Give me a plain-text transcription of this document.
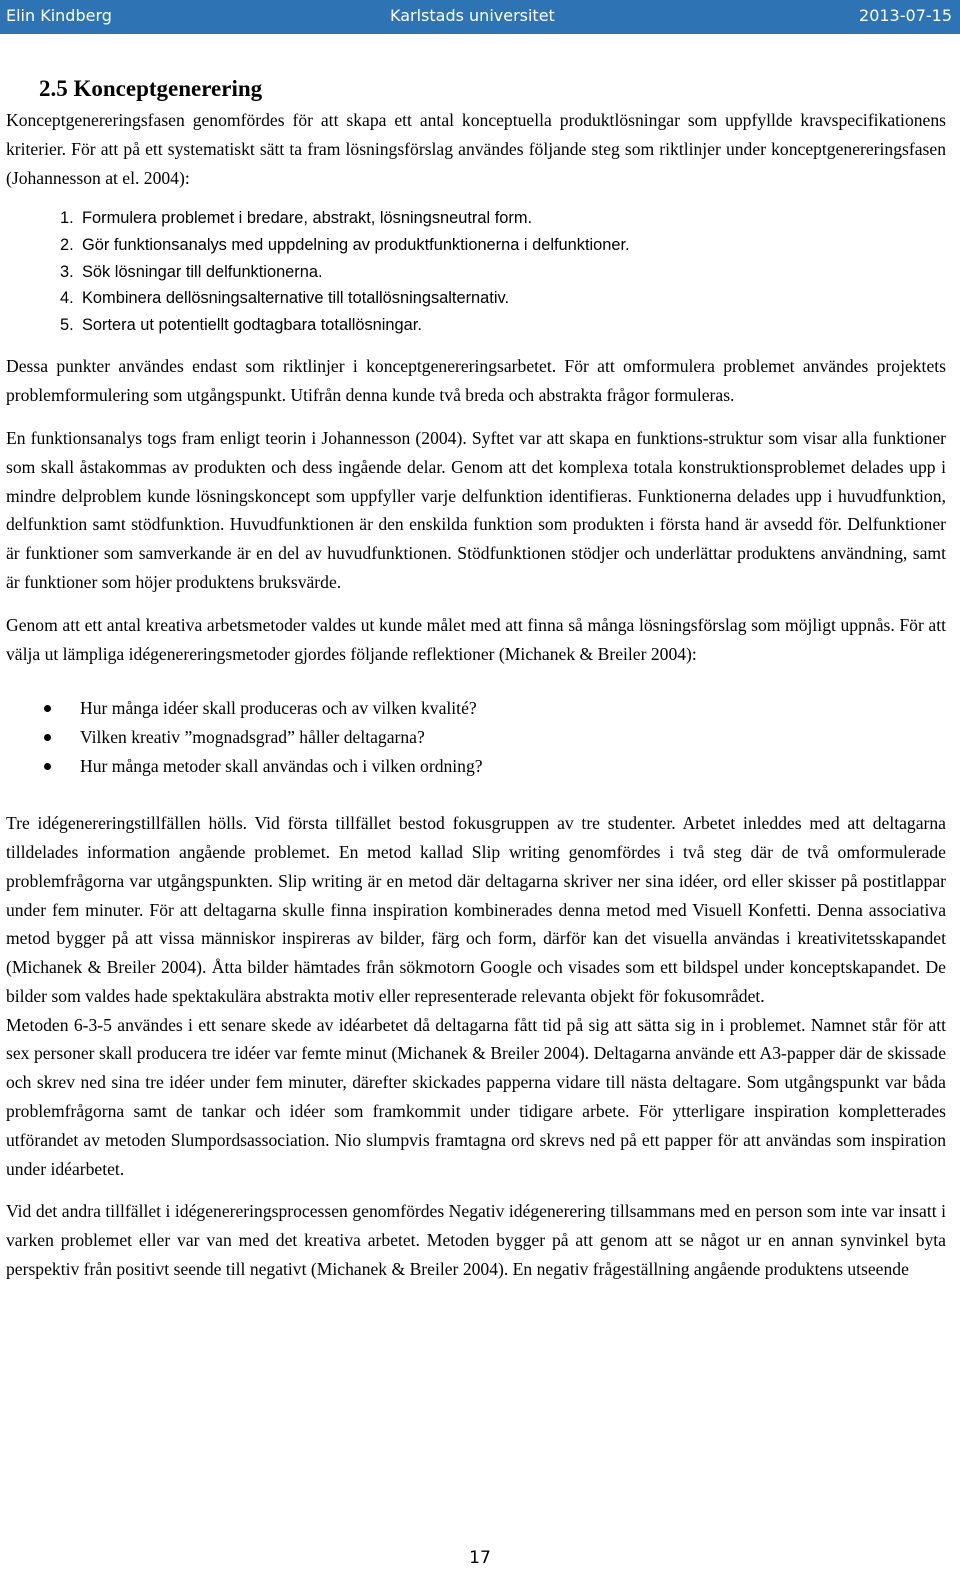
Elin Kindberg	Karlstads universitet	2013-07-15
2.5 Konceptgenerering

Konceptgenereringsfasen genomfördes för att skapa ett antal konceptuella produktlösningar som uppfyllde kravspecifikationens kriterier. För att på ett systematiskt sätt ta fram lösningsförslag användes följande steg som riktlinjer under konceptgenereringsfasen (Johannesson at el. 2004):

1. Formulera problemet i bredare, abstrakt, lösningsneutral form.
2. Gör funktionsanalys med uppdelning av produktfunktionerna i delfunktioner.
3. Sök lösningar till delfunktionerna.
4. Kombinera dellösningsalternative till totallösningsalternativ.
5. Sortera ut potentiellt godtagbara totallösningar.

Dessa punkter användes endast som riktlinjer i konceptgenereringsarbetet. För att omformulera problemet användes projektets problemformulering som utgångspunkt. Utifrån denna kunde två breda och abstrakta frågor formuleras.

En funktionsanalys togs fram enligt teorin i Johannesson (2004). Syftet var att skapa en funktions-struktur som visar alla funktioner som skall åstakommas av produkten och dess ingående delar. Genom att det komplexa totala konstruktionsproblemet delades upp i mindre delproblem kunde lösningskoncept som uppfyller varje delfunktion identifieras. Funktionerna delades upp i huvudfunktion, delfunktion samt stödfunktion. Huvudfunktionen är den enskilda funktion som produkten i första hand är avsedd för. Delfunktioner är funktioner som samverkande är en del av huvudfunktionen. Stödfunktionen stödjer och underlättar produktens användning, samt är funktioner som höjer produktens bruksvärde.

Genom att ett antal kreativa arbetsmetoder valdes ut kunde målet med att finna så många lösningsförslag som möjligt uppnås. För att välja ut lämpliga idégenereringsmetoder gjordes följande reflektioner (Michanek & Breiler 2004):

Hur många idéer skall produceras och av vilken kvalité?
Vilken kreativ ”mognadsgrad” håller deltagarna?
Hur många metoder skall användas och i vilken ordning?

Tre idégenereringstillfällen hölls. Vid första tillfället bestod fokusgruppen av tre studenter. Arbetet inleddes med att deltagarna tilldelades information angående problemet. En metod kallad Slip writing genomfördes i två steg där de två omformulerade problemfrågorna var utgångspunkten. Slip writing är en metod där deltagarna skriver ner sina idéer, ord eller skisser på postitlappar under fem minuter. För att deltagarna skulle finna inspiration kombinerades denna metod med Visuell Konfetti. Denna associativa metod bygger på att vissa människor inspireras av bilder, färg och form, därför kan det visuella användas i kreativitetsskapandet (Michanek & Breiler 2004). Åtta bilder hämtades från sökmotorn Google och visades som ett bildspel under konceptskapandet. De bilder som valdes hade spektakulära abstrakta motiv eller representerade relevanta objekt för fokusområdet.

Metoden 6-3-5 användes i ett senare skede av idéarbetet då deltagarna fått tid på sig att sätta sig in i problemet. Namnet står för att sex personer skall producera tre idéer var femte minut (Michanek & Breiler 2004). Deltagarna använde ett A3-papper där de skissade och skrev ned sina tre idéer under fem minuter, därefter skickades papperna vidare till nästa deltagare. Som utgångspunkt var båda problemfrågorna samt de tankar och idéer som framkommit under tidigare arbete. För ytterligare inspiration kompletterades utförandet av metoden Slumpordsassociation. Nio slumpvis framtagna ord skrevs ned på ett papper för att användas som inspiration under idéarbetet.

Vid det andra tillfället i idégenereringsprocessen genomfördes Negativ idégenerering tillsammans med en person som inte var insatt i varken problemet eller var van med det kreativa arbetet. Metoden bygger på att genom att se något ur en annan synvinkel byta perspektiv från positivt seende till negativt (Michanek & Breiler 2004). En negativ frågeställning angående produktens utseende

17
